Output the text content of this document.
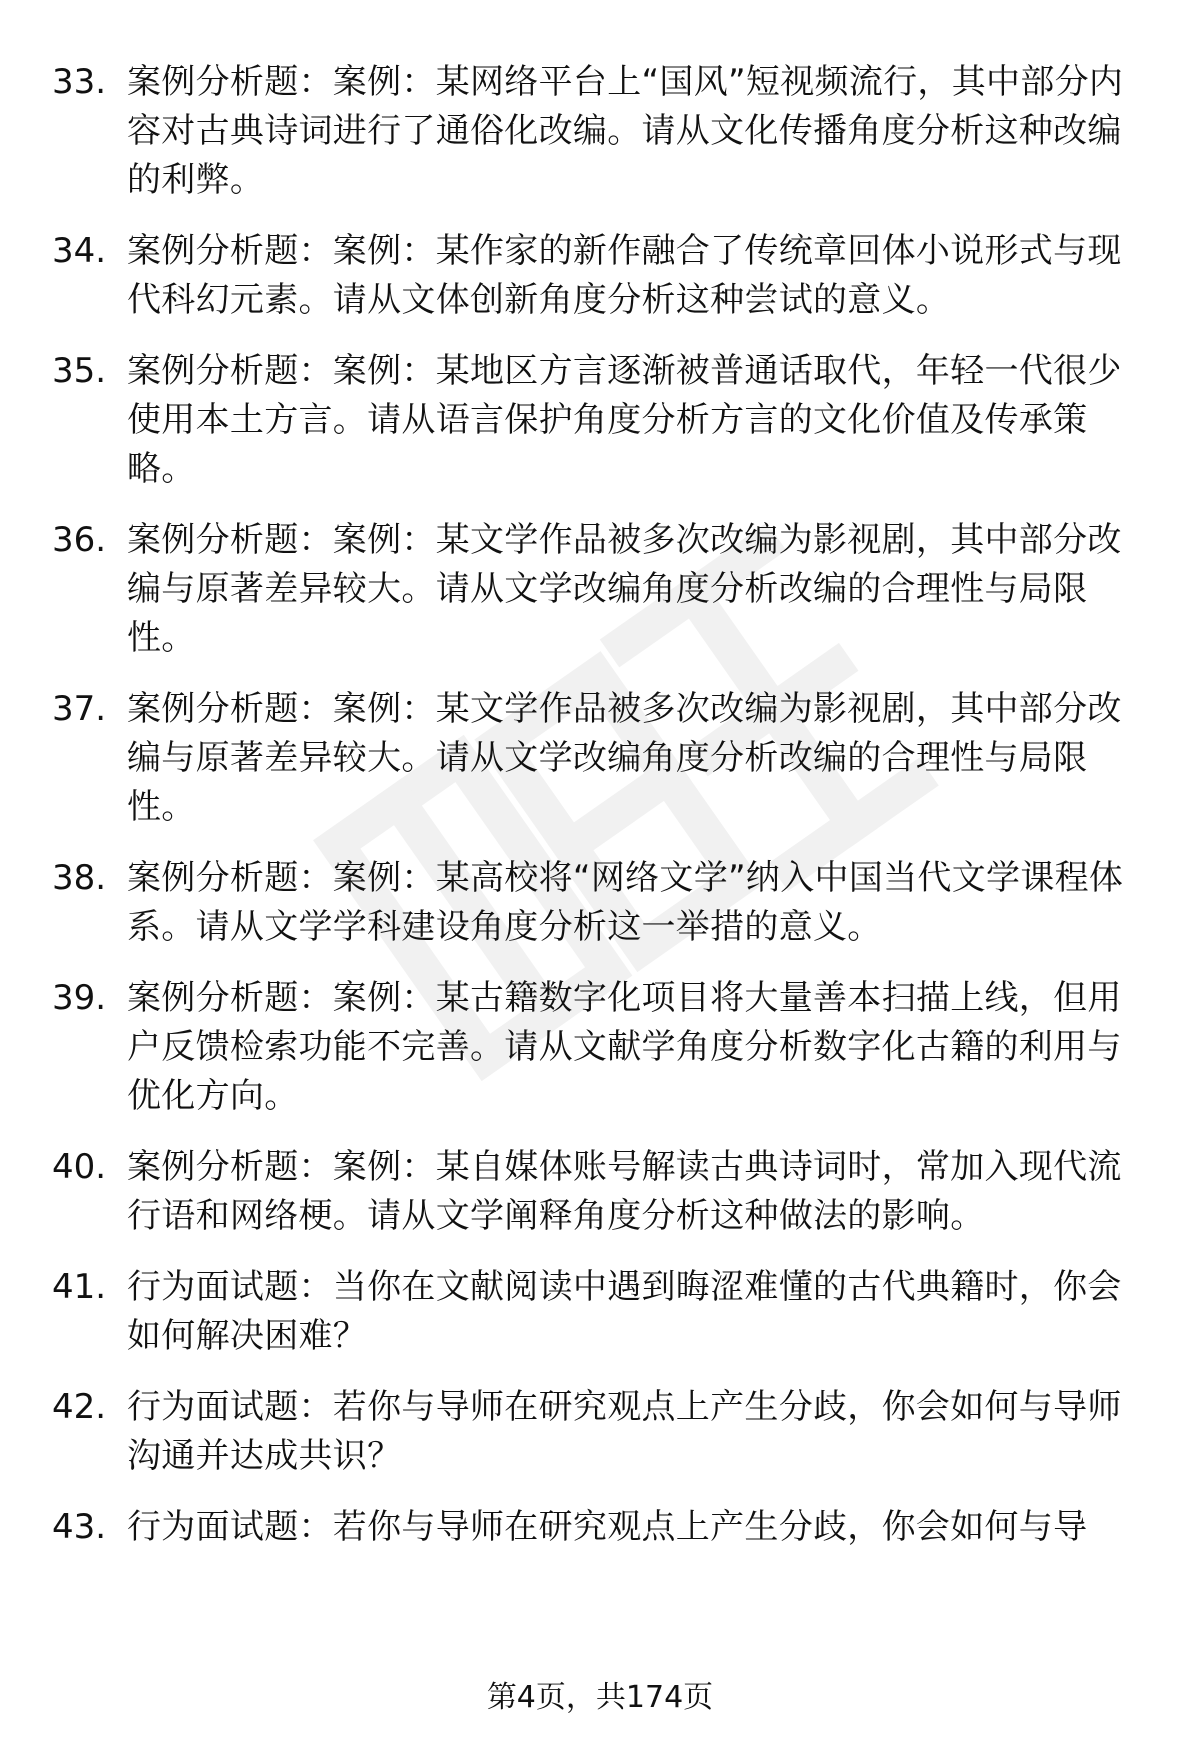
33. 案例分析题：案例：某网络平台上“国风”短视频流行，其中部分内容对古典诗词进行了通俗化改编。请从文化传播角度分析这种改编的利弊。
34. 案例分析题：案例：某作家的新作融合了传统章回体小说形式与现代科幻元素。请从文体创新角度分析这种尝试的意义。
35. 案例分析题：案例：某地区方言逐渐被普通话取代，年轻一代很少使用本土方言。请从语言保护角度分析方言的文化价值及传承策略。
36. 案例分析题：案例：某文学作品被多次改编为影视剧，其中部分改编与原著差异较大。请从文学改编角度分析改编的合理性与局限性。
37. 案例分析题：案例：某文学作品被多次改编为影视剧，其中部分改编与原著差异较大。请从文学改编角度分析改编的合理性与局限性。
38. 案例分析题：案例：某高校将“网络文学”纳入中国当代文学课程体系。请从文学学科建设角度分析这一举措的意义。
39. 案例分析题：案例：某古籍数字化项目将大量善本扫描上线，但用户反馈检索功能不完善。请从文献学角度分析数字化古籍的利用与优化方向。
40. 案例分析题：案例：某自媒体账号解读古典诗词时，常加入现代流行语和网络梗。请从文学阐释角度分析这种做法的影响。
41. 行为面试题：当你在文献阅读中遇到晦涩难懂的古代典籍时，你会如何解决困难？
42. 行为面试题：若你与导师在研究观点上产生分歧，你会如何与导师沟通并达成共识？
43. 行为面试题：若你与导师在研究观点上产生分歧，你会如何与导
第4页，共174页
